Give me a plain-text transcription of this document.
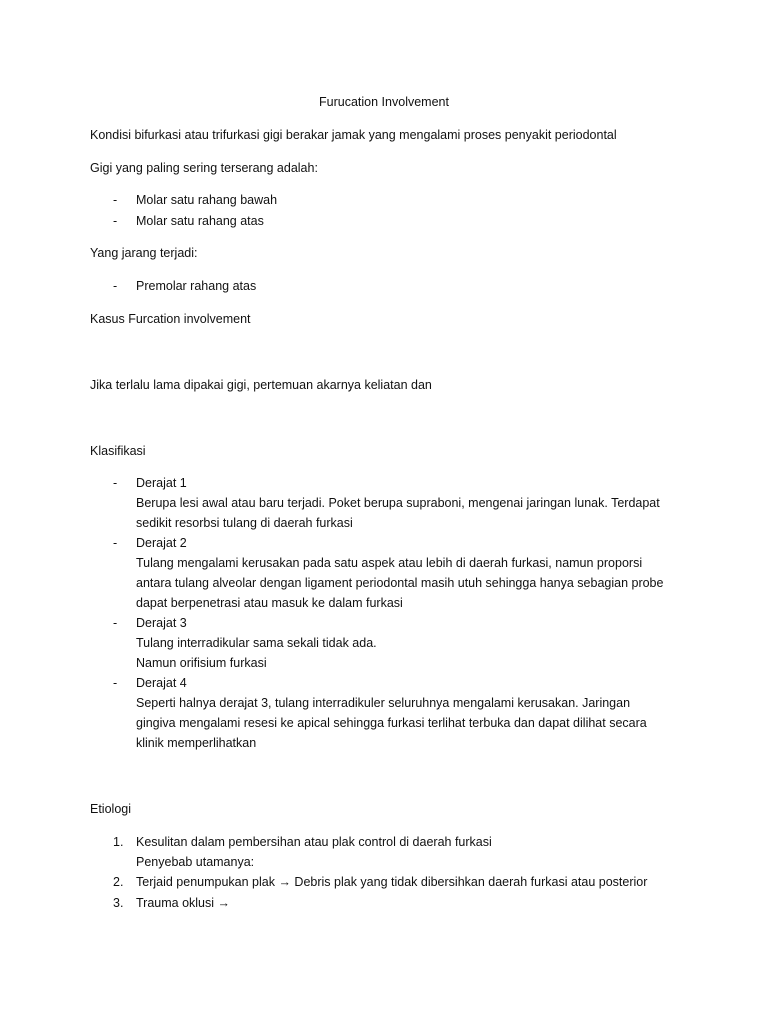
Furucation Involvement
Kondisi bifurkasi atau trifurkasi gigi berakar jamak yang mengalami proses penyakit periodontal
Gigi yang paling sering terserang adalah:
- Molar satu rahang bawah
- Molar satu rahang atas
Yang jarang terjadi:
- Premolar rahang atas
Kasus Furcation involvement
Jika terlalu lama dipakai gigi, pertemuan akarnya keliatan dan
Klasifikasi
- Derajat 1
Berupa lesi awal atau baru terjadi. Poket berupa supraboni, mengenai jaringan lunak. Terdapat
sedikit resorbsi tulang di daerah furkasi
- Derajat 2
Tulang mengalami kerusakan pada satu aspek atau lebih di daerah furkasi, namun proporsi
antara tulang alveolar dengan ligament periodontal masih utuh sehingga hanya sebagian probe
dapat berpenetrasi atau masuk ke dalam furkasi
- Derajat 3
Tulang interradikular sama sekali tidak ada.
Namun orifisium furkasi
- Derajat 4
Seperti halnya derajat 3, tulang interradikuler seluruhnya mengalami kerusakan. Jaringan
gingiva mengalami resesi ke apical sehingga furkasi terlihat terbuka dan dapat dilihat secara
klinik memperlihatkan
Etiologi
1. Kesulitan dalam pembersihan atau plak control di daerah furkasi
Penyebab utamanya:
2. Terjaid penumpukan plak → Debris plak yang tidak dibersihkan daerah furkasi atau posterior
3. Trauma oklusi →
